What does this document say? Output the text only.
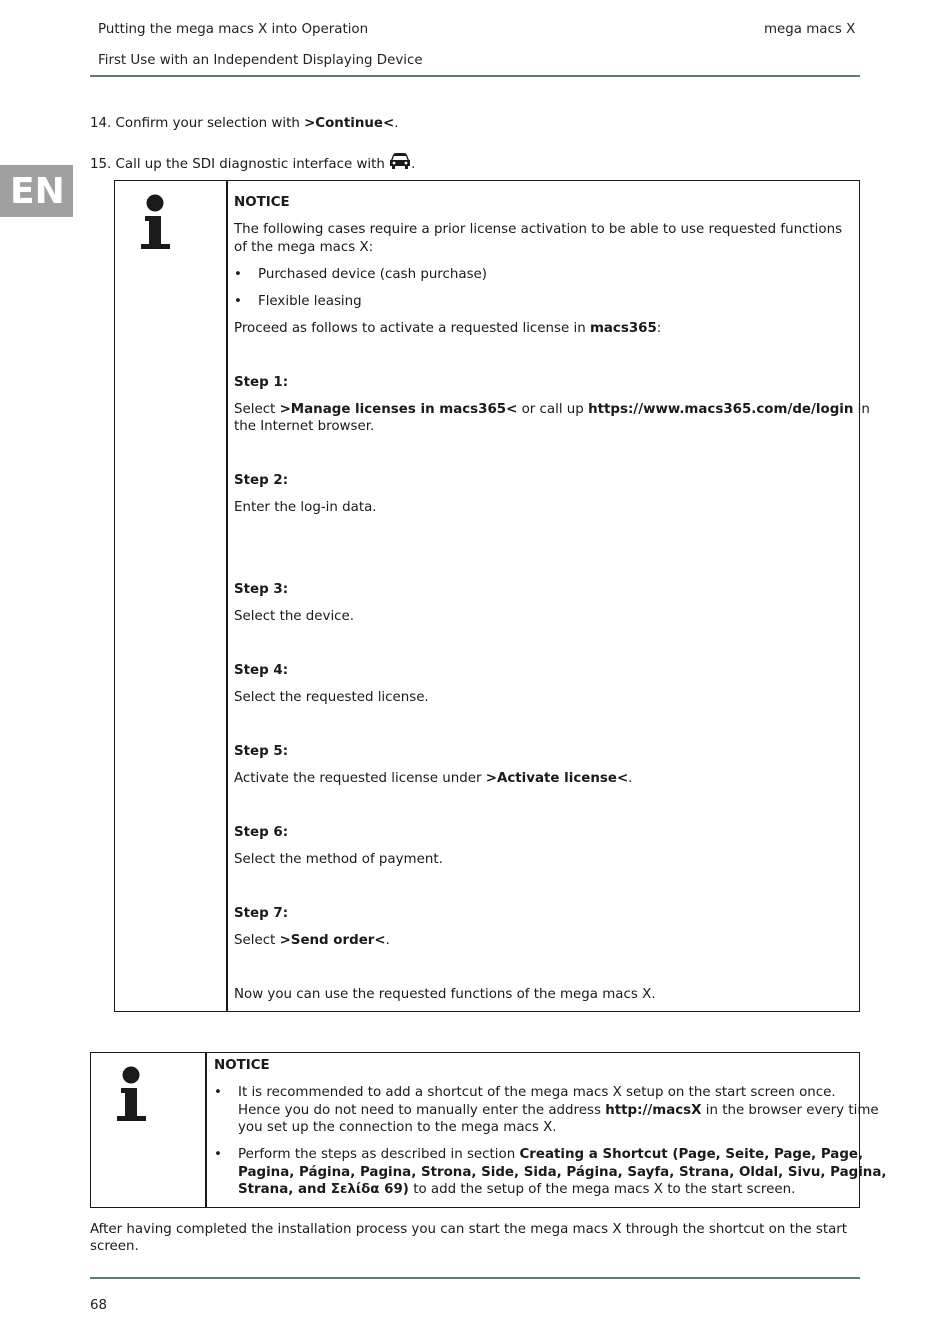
Putting the mega macs X into Operation	mega macs X
First Use with an Independent Displaying Device
EN
14. Confirm your selection with >Continue<.
15. Call up the SDI diagnostic interface with .
NOTICE
The following cases require a prior license activation to be able to use requested functions of the mega macs X:
• Purchased device (cash purchase)
• Flexible leasing
Proceed as follows to activate a requested license in macs365:
Step 1:
Select >Manage licenses in macs365< or call up https://www.macs365.com/de/login in
the Internet browser.
Step 2:
Enter the log-in data.
Step 3:
Select the device.
Step 4:
Select the requested license.
Step 5:
Activate the requested license under >Activate license<.
Step 6:
Select the method of payment.
Step 7:
Select >Send order<.
Now you can use the requested functions of the mega macs X.
NOTICE
• It is recommended to add a shortcut of the mega macs X setup on the start screen once.
Hence you do not need to manually enter the address http://macsX in the browser every time
you set up the connection to the mega macs X.
• Perform the steps as described in section Creating a Shortcut (Page, Seite, Page, Page,
Pagina, Página, Pagina, Strona, Side, Sida, Página, Sayfa, Strana, Oldal, Sivu, Pagina,
Strana, and Σελίδα 69) to add the setup of the mega macs X to the start screen.
After having completed the installation process you can start the mega macs X through the shortcut on the start
screen.
68
